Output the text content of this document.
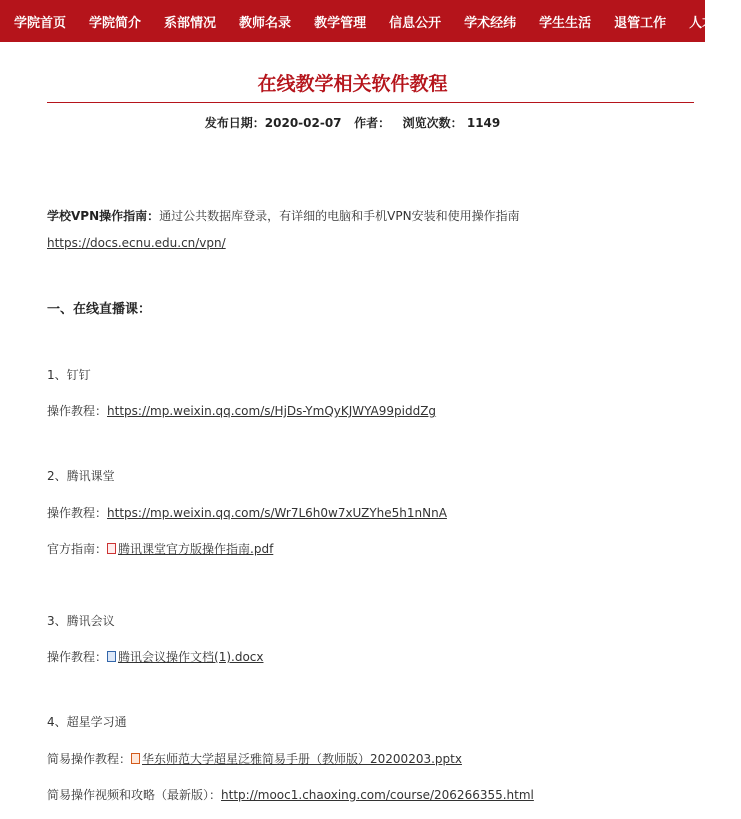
学院首页 学院简介 系部情况 教师名录 教学管理 信息公开 学术经纬 学生生活 退管工作 人才招聘
在线教学相关软件教程
发布日期：2020-02-07 作者： 浏览次数： 1149
学校VPN操作指南：通过公共数据库登录，有详细的电脑和手机VPN安装和使用操作指南
https://docs.ecnu.edu.cn/vpn/
一、在线直播课：
1、钉钉
操作教程：https://mp.weixin.qq.com/s/HjDs-YmQyKJWYA99piddZg
2、腾讯课堂
操作教程：https://mp.weixin.qq.com/s/Wr7L6h0w7xUZYhe5h1nNnA
官方指南： 腾讯课堂官方版操作指南.pdf
3、腾讯会议
操作教程： 腾讯会议操作文档(1).docx
4、超星学习通
简易操作教程： 华东师范大学超星泛雅简易手册（教师版）20200203.pptx
简易操作视频和攻略（最新版）：http://mooc1.chaoxing.com/course/206266355.html
